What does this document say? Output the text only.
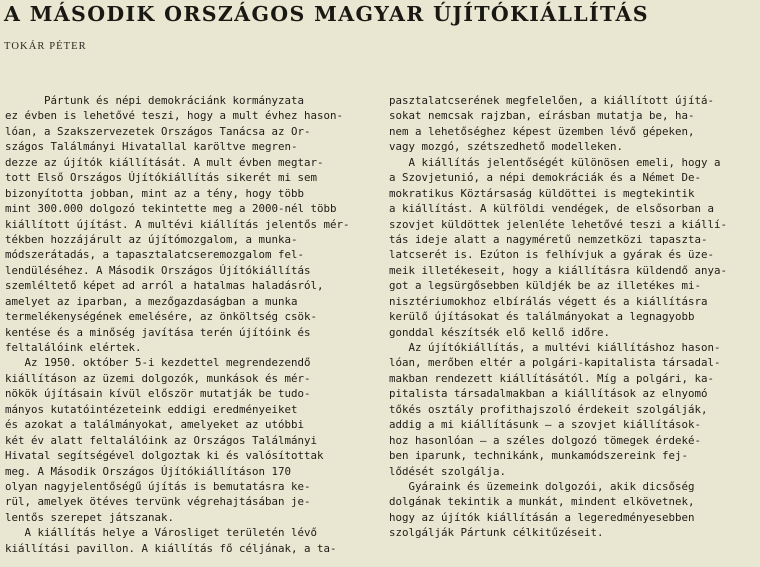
A MÁSODIK ORSZÁGOS MAGYAR ÚJÍTÓKIÁLLÍTÁS
TOKÁR PÉTER
Pártunk és népi demokráciánk kormányzata
ez évben is lehetővé teszi, hogy a mult évhez hason-
lóan, a Szakszervezetek Országos Tanácsa az Or-
szágos Találmányi Hivatallal karöltve megren-
dezze az újítók kiállítását. A mult évben megtar-
tott Első Országos Újítókiállítás sikerét mi sem
bizonyította jobban, mint az a tény, hogy több
mint 300.000 dolgozó tekintette meg a 2000-nél több
kiállított újítást. A multévi kiállítás jelentős mér-
tékben hozzájárult az újítómozgalom, a munka-
módszerátadás, a tapasztalatcseremozgalom fel-
lendüléséhez. A Második Országos Újítókiállítás
szemléltető képet ad arról a hatalmas haladásról,
amelyet az iparban, a mezőgazdaságban a munka
termelékenységének emelésére, az önköltség csök-
kentése és a minőség javítása terén újítóink és
feltalálóink elértek.
Az 1950. október 5-i kezdettel megrendezendő
kiállításon az üzemi dolgozók, munkások és mér-
nökök újításain kívül először mutatják be tudo-
mányos kutatóintézeteink eddigi eredményeiket
és azokat a találmányokat, amelyeket az utóbbi
két év alatt feltalálóink az Országos Találmányi
Hivatal segítségével dolgoztak ki és valósítottak
meg. A Második Országos Újítókiállításon 170
olyan nagyjelentőségű újítás is bemutatásra ke-
rül, amelyek ötéves tervünk végrehajtásában je-
lentős szerepet játszanak.
A kiállítás helye a Városliget területén lévő
kiállítási pavillon. A kiállítás fő céljának, a ta-
pasztalatcserének megfelelően, a kiállított újítá-
sokat nemcsak rajzban, eírásban mutatja be, ha-
nem a lehetőséghez képest üzemben lévő gépeken,
vagy mozgó, szétszedhető modelleken.
A kiállítás jelentőségét különösen emeli, hogy a
a Szovjetunió, a népi demokráciák és a Német De-
mokratikus Köztársaság küldöttei is megtekintik
a kiállítást. A külföldi vendégek, de elsősorban a
szovjet küldöttek jelenléte lehetővé teszi a kiállí-
tás ideje alatt a nagyméretű nemzetközi tapaszta-
latcserét is. Ezúton is felhívjuk a gyárak és üze-
meik illetékeseit, hogy a kiállításra küldendő anya-
got a legsürgősebben küldjék be az illetékes mi-
nisztériumokhoz elbírálás végett és a kiállításra
kerülő újításokat és találmányokat a legnagyobb
gonddal készítsék elő kellő időre.
Az újítókiállítás, a multévi kiállításhoz hason-
lóan, merőben eltér a polgári-kapitalista társadal-
makban rendezett kiállításától. Míg a polgári, ka-
pitalista társadalmakban a kiállítások az elnyomó
tőkés osztály profithajszoló érdekeit szolgálják,
addig a mi kiállításunk — a szovjet kiállítások-
hoz hasonlóan — a széles dolgozó tömegek érdeké-
ben iparunk, technikánk, munkamódszereink fej-
lődését szolgálja.
Gyáraink és üzemeink dolgozói, akik dicsőség
dolgának tekintik a munkát, mindent elkövetnek,
hogy az újítók kiállításán a legeredményesebben
szolgálják Pártunk célkitűzéseit.
